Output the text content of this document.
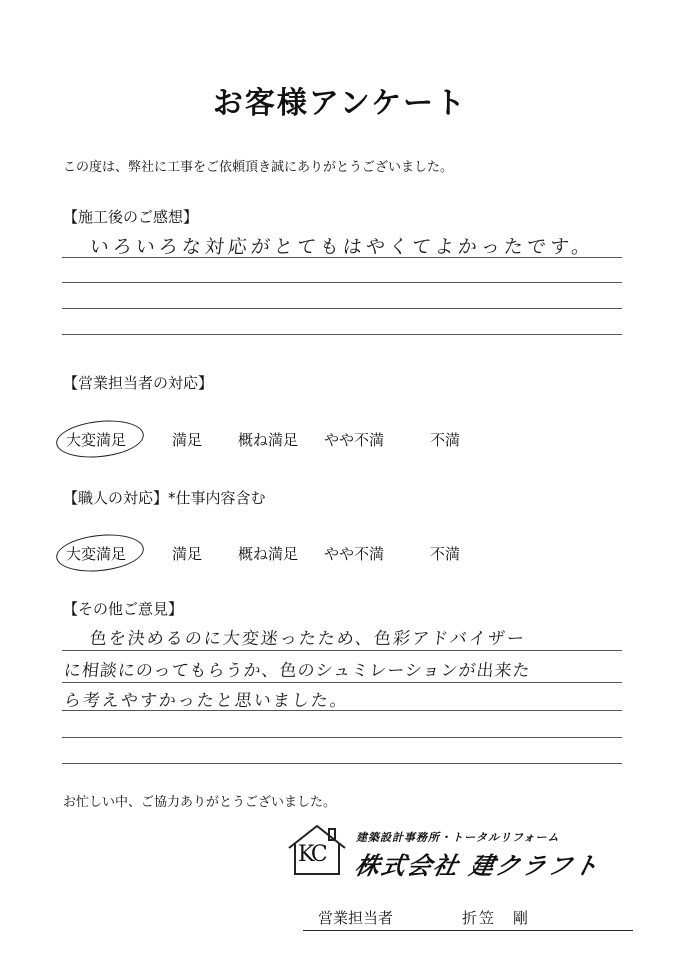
お客様アンケート
この度は、弊社に工事をご依頼頂き誠にありがとうございました。
【施工後のご感想】
いろいろな対応がとてもはやくてよかったです。
【営業担当者の対応】
大変満足	満足 概ね満足 やや不満	不満
【職人の対応】*仕事内容含む
大変満足	満足 概ね満足 やや不満	不満
【その他ご意見】
色を決めるのに大変迷ったため、色彩アドバイザー
に相談にのってもらうか、色のシュミレーションが出来た
ら考えやすかったと思いました。
お忙しい中、ご協力ありがとうございました。
KC
建築設計事務所・トータルリフォーム
株式会社 建クラフト
営業担当者	折笠　剛
